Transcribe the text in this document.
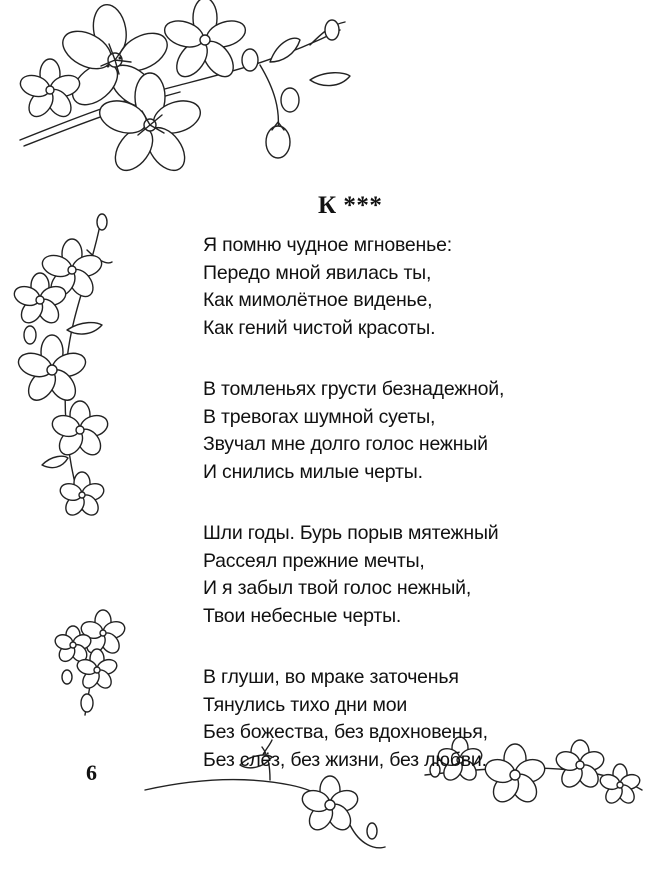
К ***
Я помню чудное мгновенье:
Передо мной явилась ты,
Как мимолётное виденье,
Как гений чистой красоты.
В томленьях грусти безнадежной,
В тревогах шумной суеты,
Звучал мне долго голос нежный
И снились милые черты.
Шли годы. Бурь порыв мятежный
Рассеял прежние мечты,
И я забыл твой голос нежный,
Твои небесные черты.
В глуши, во мраке заточенья
Тянулись тихо дни мои
Без божества, без вдохновенья,
Без слёз, без жизни, без любви.
6
